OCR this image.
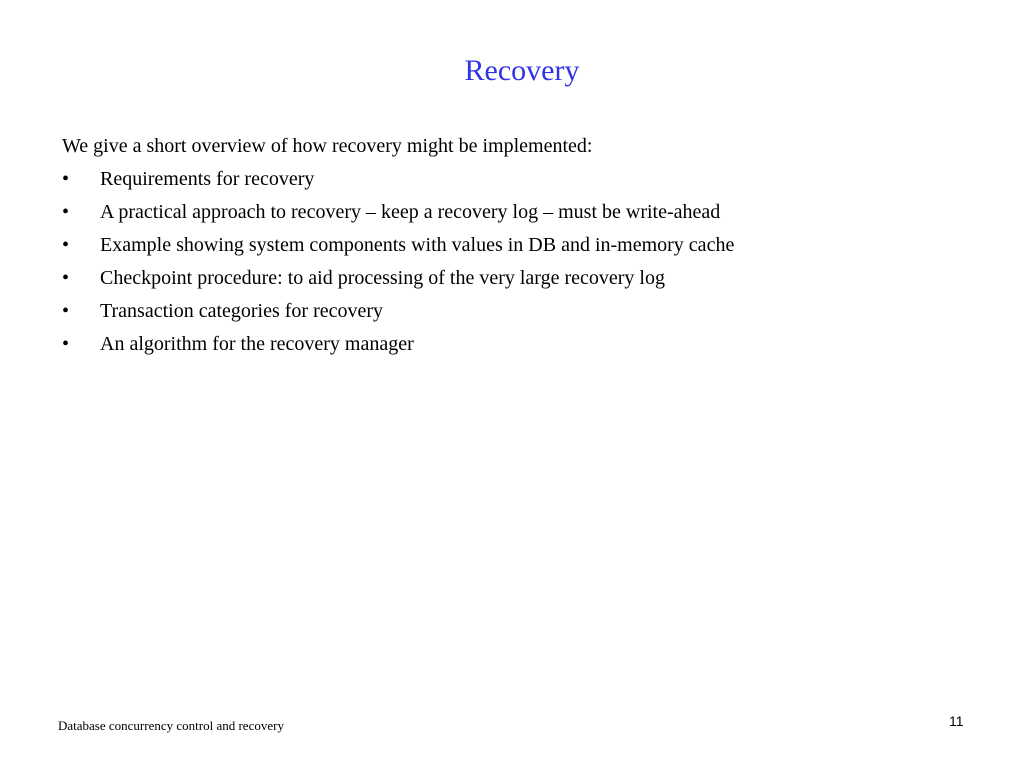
Recovery

We give a short overview of how recovery might be implemented:

•	Requirements for recovery
•	A practical approach to recovery – keep a recovery log – must be write-ahead
•	Example showing system components with values in DB and in-memory cache
•	Checkpoint procedure: to aid processing of the very large recovery log
•	Transaction categories for recovery
•	An algorithm for the recovery manager
Database concurrency control and recovery	11
